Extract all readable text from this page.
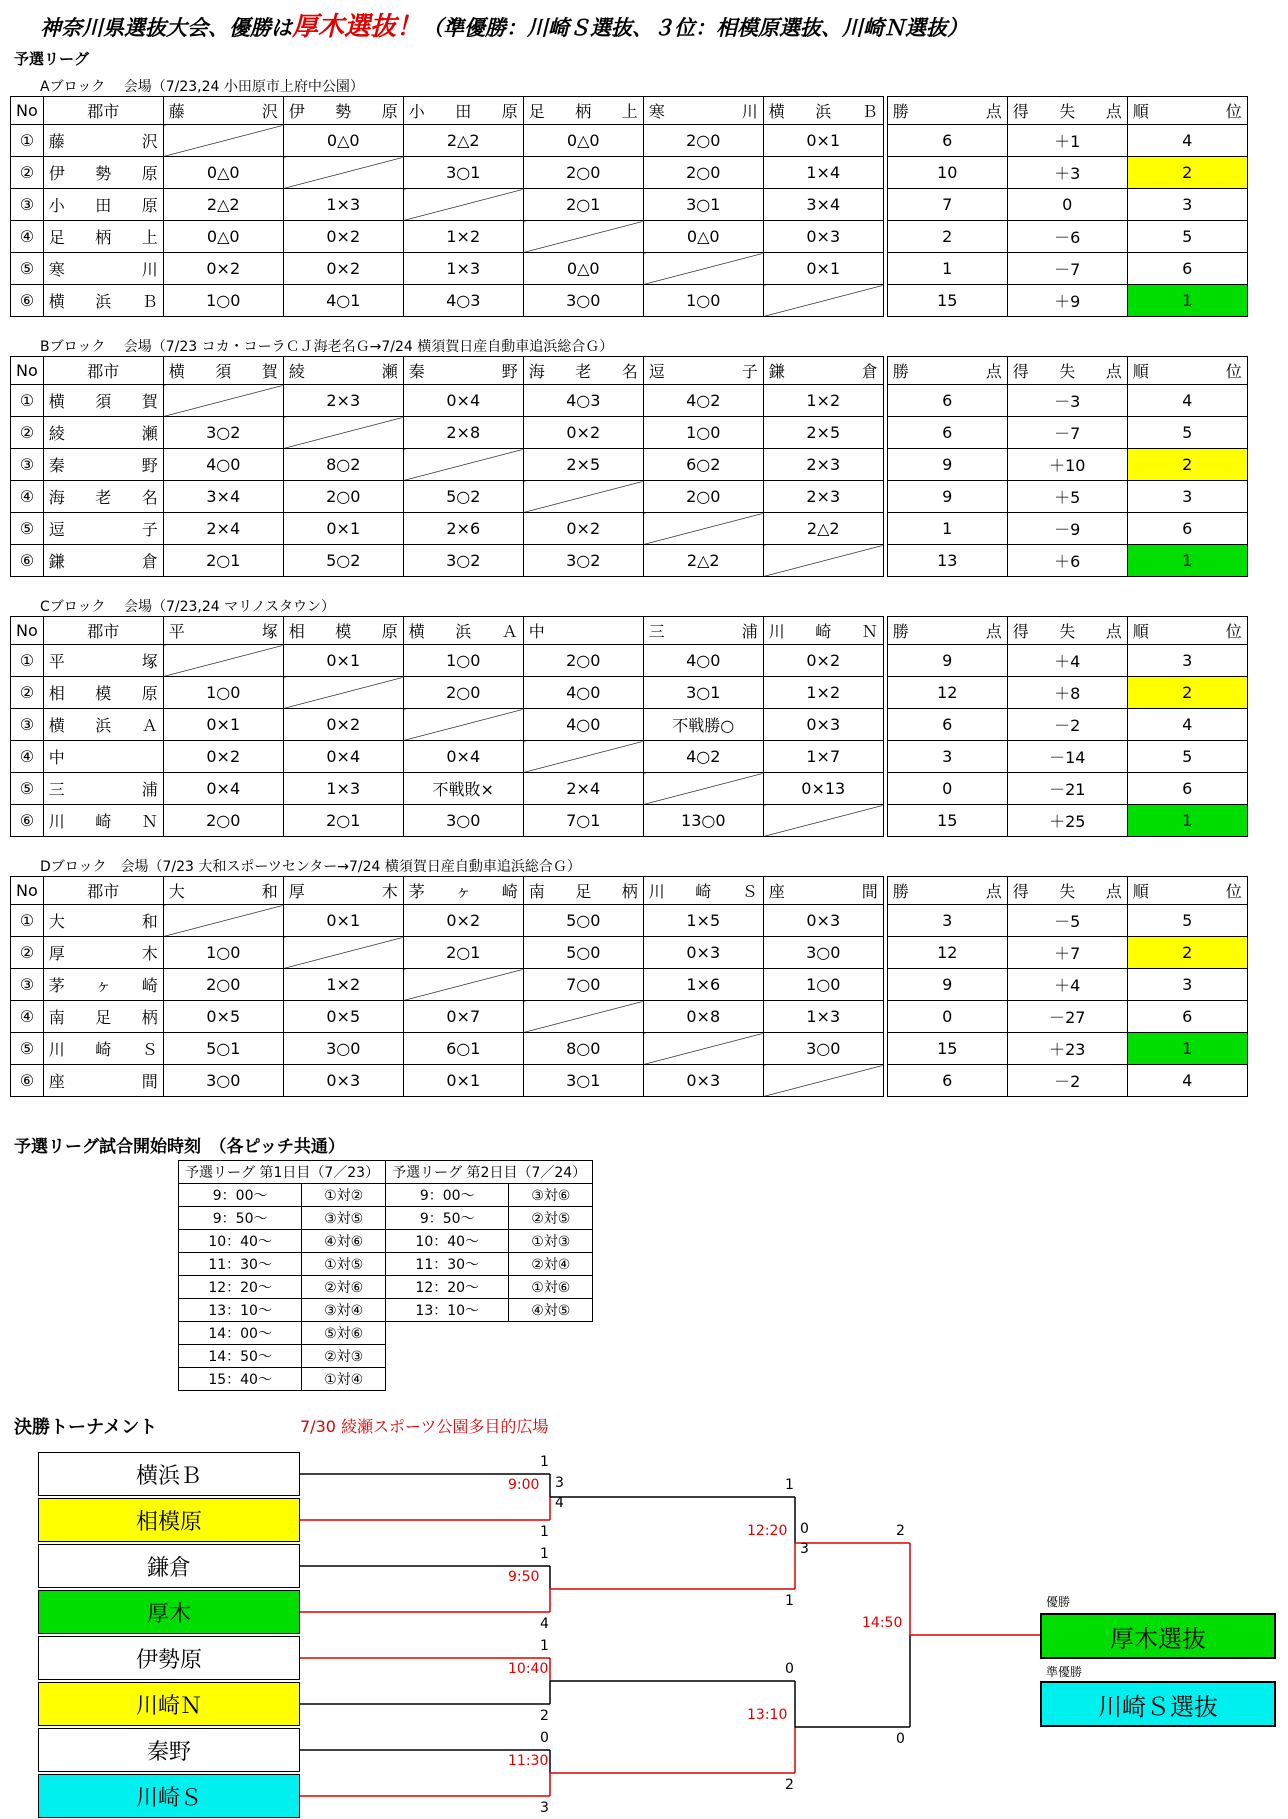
神奈川県選抜大会、優勝は厚木選抜！（準優勝：川崎Ｓ選抜、３位：相模原選抜、川崎Ｎ選抜）
予選リーグ
Aブロック　 会場（7/23,24 小田原市上府中公園）
No	郡市	藤沢	伊勢原	小田原	足柄上	寒川	横浜Ｂ		勝点	得失点	順位
①	藤沢		0△0	2△2	0△0	2○0	0×1		6	＋1	4
②	伊勢原	0△0		3○1	2○0	2○0	1×4		10	＋3	2
③	小田原	2△2	1×3		2○1	3○1	3×4		7	0	3
④	足柄上	0△0	0×2	1×2		0△0	0×3		2	－6	5
⑤	寒川	0×2	0×2	1×3	0△0		0×1		1	－7	6
⑥	横浜Ｂ	1○0	4○1	4○3	3○0	1○0			15	＋9	1
Bブロック　 会場（7/23 コカ・コーラＣＪ海老名Ｇ→7/24 横須賀日産自動車追浜総合Ｇ）
No	郡市	横須賀	綾瀬	秦野	海老名	逗子	鎌倉		勝点	得失点	順位
①	横須賀		2×3	0×4	4○3	4○2	1×2		6	－3	4
②	綾瀬	3○2		2×8	0×2	1○0	2×5		6	－7	5
③	秦野	4○0	8○2		2×5	6○2	2×3		9	＋10	2
④	海老名	3×4	2○0	5○2		2○0	2×3		9	＋5	3
⑤	逗子	2×4	0×1	2×6	0×2		2△2		1	－9	6
⑥	鎌倉	2○1	5○2	3○2	3○2	2△2			13	＋6	1
Cブロック　 会場（7/23,24 マリノスタウン）
No	郡市	平塚	相模原	横浜Ａ	中	三浦	川崎Ｎ		勝点	得失点	順位
①	平塚		0×1	1○0	2○0	4○0	0×2		9	＋4	3
②	相模原	1○0		2○0	4○0	3○1	1×2		12	＋8	2
③	横浜Ａ	0×1	0×2		4○0	不戦勝○	0×3		6	－2	4
④	中	0×2	0×4	0×4		4○2	1×7		3	－14	5
⑤	三浦	0×4	1×3	不戦敗×	2×4		0×13		0	－21	6
⑥	川崎Ｎ	2○0	2○1	3○0	7○1	13○0			15	＋25	1
Dブロック　会場（7/23 大和スポーツセンター→7/24 横須賀日産自動車追浜総合Ｇ）
No	郡市	大和	厚木	茅ヶ崎	南足柄	川崎Ｓ	座間		勝点	得失点	順位
①	大和		0×1	0×2	5○0	1×5	0×3		3	－5	5
②	厚木	1○0		2○1	5○0	0×3	3○0		12	＋7	2
③	茅ヶ崎	2○0	1×2		7○0	1×6	1○0		9	＋4	3
④	南足柄	0×5	0×5	0×7		0×8	1×3		0	－27	6
⑤	川崎Ｓ	5○1	3○0	6○1	8○0		3○0		15	＋23	1
⑥	座間	3○0	0×3	0×1	3○1	0×3			6	－2	4
予選リーグ試合開始時刻　（各ピッチ共通）
予選リーグ 第1日目（7／23）		予選リーグ 第2日目（7／24）	
9：00～	①対②	9：00～	③対⑥
9：50～	③対⑤	9：50～	②対⑤
10：40～	④対⑥	10：40～	①対③
11：30～	①対⑤	11：30～	②対④
12：20～	②対⑥	12：20～	①対⑥
13：10～	③対④	13：10～	④対⑤
14：00～	⑤対⑥		
14：50～	②対③		
15：40～	①対④		
決勝トーナメント	7/30 綾瀬スポーツ公園多目的広場
横浜Ｂ
相模原
鎌倉
厚木
伊勢原
川崎Ｎ
秦野
川崎Ｓ
9:00
9:50
10:40
11:30
12:20
13:10
14:50
1
3
4
1
1
4
1
2
0
3
1
0
3
1
0
2
2
0
優勝
厚木選抜
準優勝
川崎Ｓ選抜
